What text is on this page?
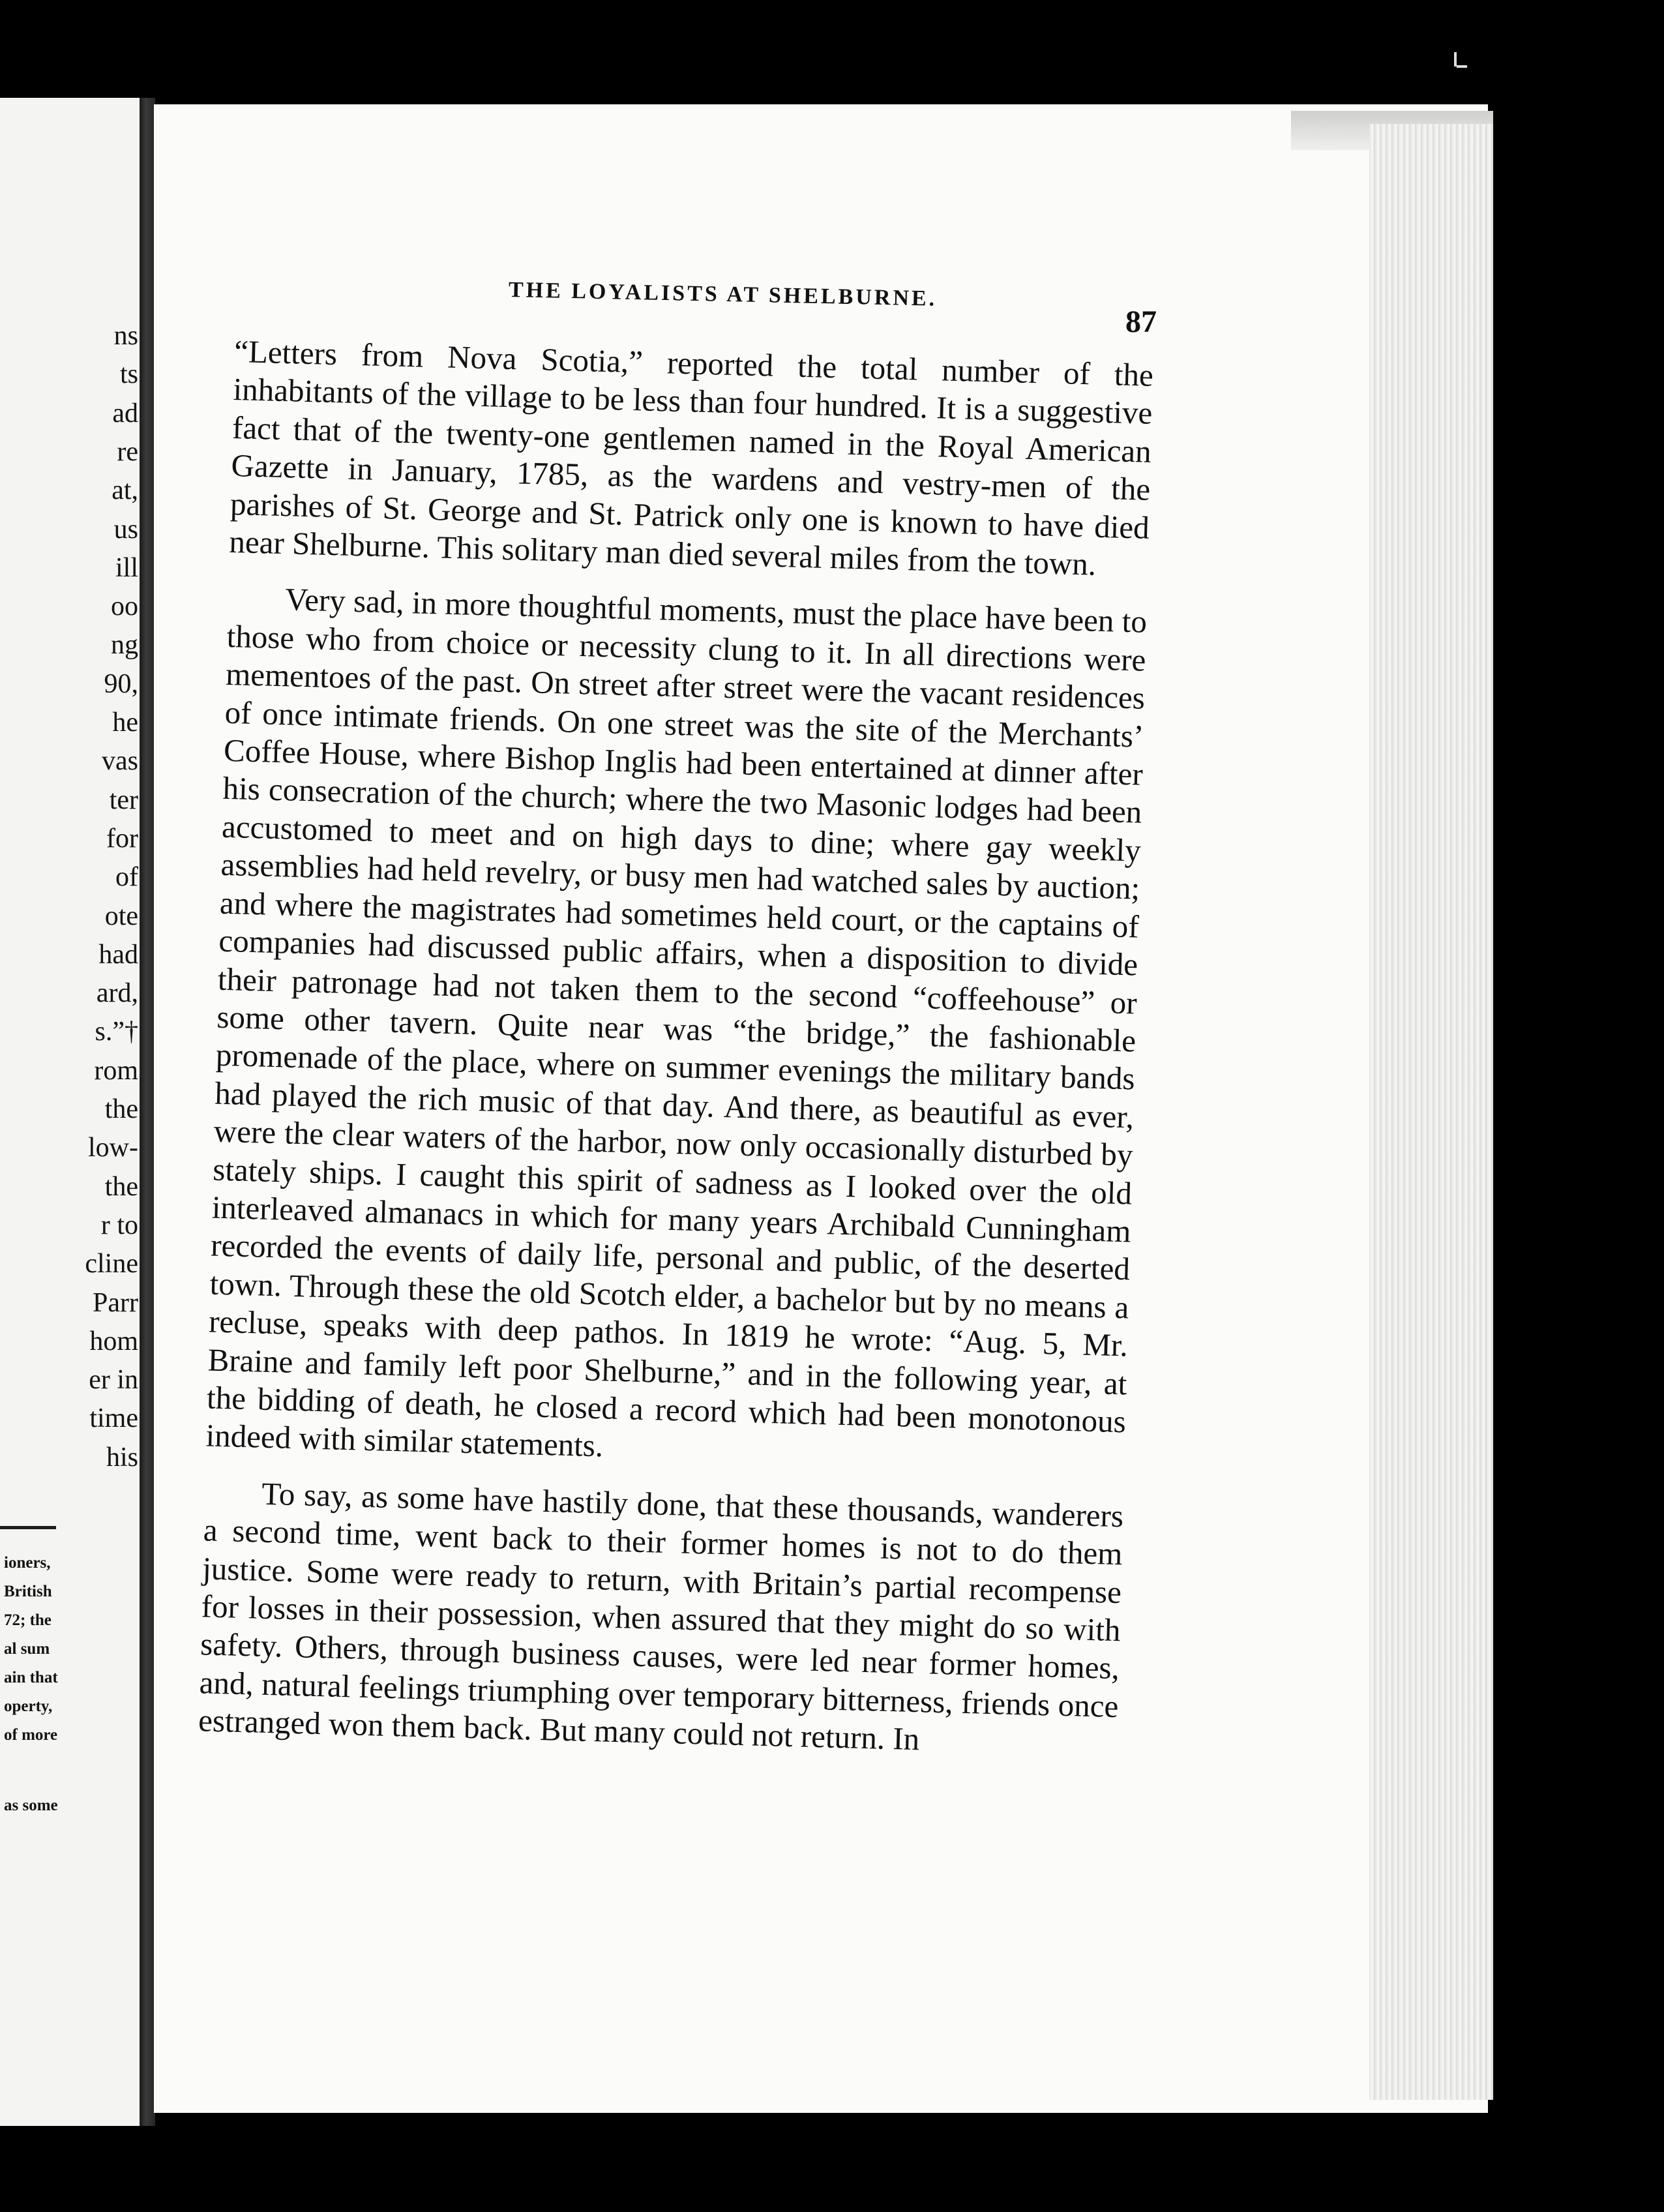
ns

ts

ad

re

at,

us

ill

oo

ng

90,

he

vas

ter

for

of

ote

had

ard,

s.”†

rom

the

low-

the

r to

cline

Parr

hom

er in

time

his

ioners,

British

72; the

al sum

ain that

operty,

of more

as some

THE LOYALISTS AT SHELBURNE.

87

“Letters from Nova Scotia,” reported the total number of the inhabitants of the village to be less than four hundred. It is a suggestive fact that of the twenty-one gentlemen named in the Royal American Gazette in January, 1785, as the wardens and vestry-men of the parishes of St. George and St. Patrick only one is known to have died near Shelburne. This solitary man died several miles from the town.

Very sad, in more thoughtful moments, must the place have been to those who from choice or necessity clung to it. In all directions were mementoes of the past. On street after street were the vacant residences of once intimate friends. On one street was the site of the Merchants’ Coffee House, where Bishop Inglis had been entertained at dinner after his consecration of the church; where the two Masonic lodges had been accustomed to meet and on high days to dine; where gay weekly assemblies had held revelry, or busy men had watched sales by auction; and where the magistrates had sometimes held court, or the captains of companies had discussed public affairs, when a disposition to divide their patronage had not taken them to the second “coffeehouse” or some other tavern. Quite near was “the bridge,” the fashionable promenade of the place, where on summer evenings the military bands had played the rich music of that day. And there, as beautiful as ever, were the clear waters of the harbor, now only occasionally disturbed by stately ships. I caught this spirit of sadness as I looked over the old interleaved almanacs in which for many years Archibald Cunningham recorded the events of daily life, personal and public, of the deserted town. Through these the old Scotch elder, a bachelor but by no means a recluse, speaks with deep pathos. In 1819 he wrote: “Aug. 5, Mr. Braine and family left poor Shelburne,” and in the following year, at the bidding of death, he closed a record which had been monotonous indeed with similar statements.

To say, as some have hastily done, that these thousands, wanderers a second time, went back to their former homes is not to do them justice. Some were ready to return, with Britain’s partial recompense for losses in their possession, when assured that they might do so with safety. Others, through business causes, were led near former homes, and, natural feelings triumphing over temporary bitterness, friends once estranged won them back. But many could not return. In
